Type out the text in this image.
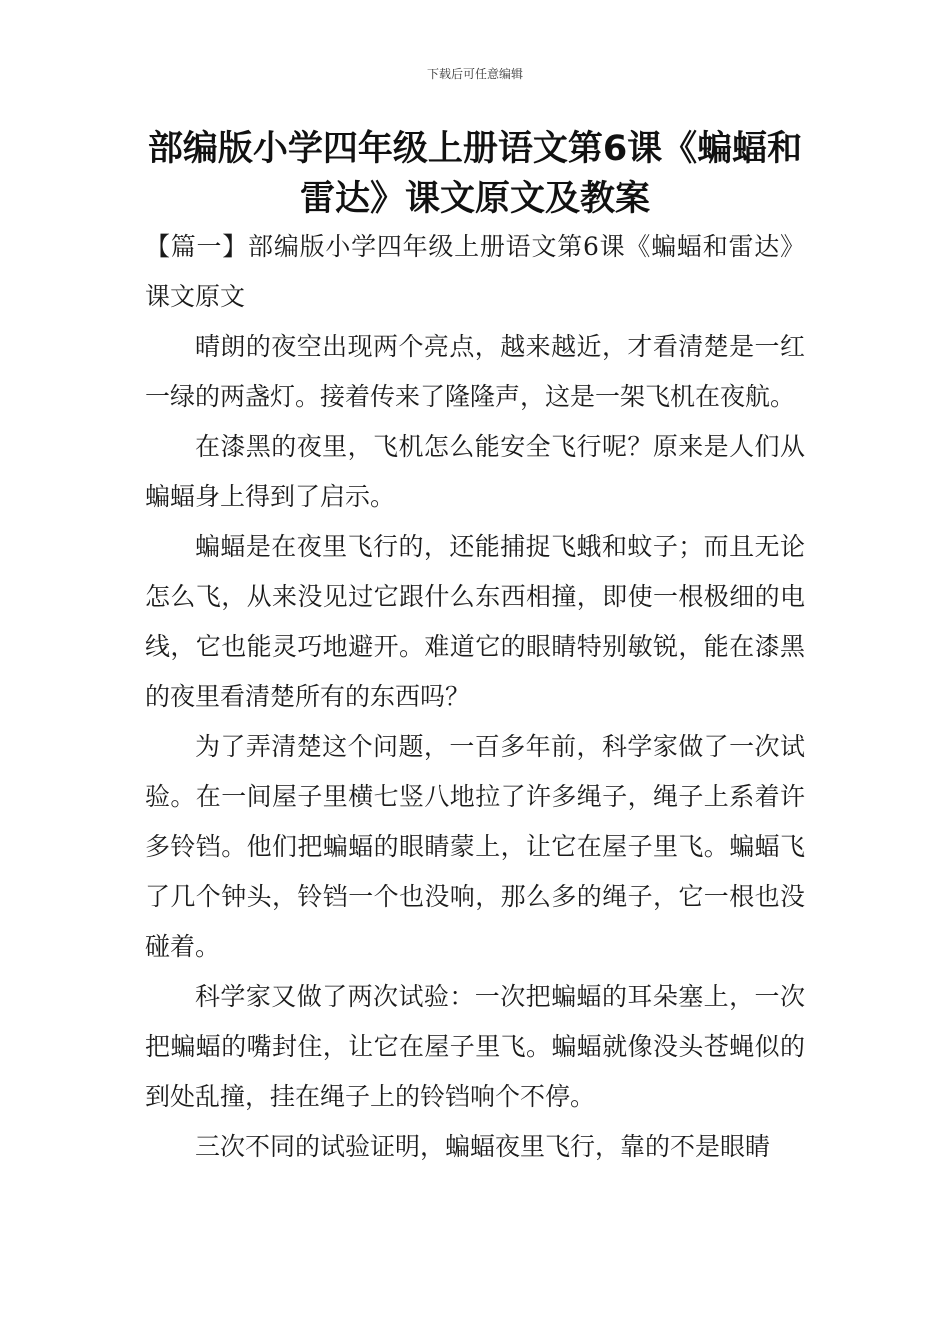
下载后可任意编辑
部编版小学四年级上册语文第6课《蝙蝠和雷达》课文原文及教案

【篇一】部编版小学四年级上册语文第6课《蝙蝠和雷达》课文原文

晴朗的夜空出现两个亮点，越来越近，才看清楚是一红一绿的两盏灯。接着传来了隆隆声，这是一架飞机在夜航。

在漆黑的夜里，飞机怎么能安全飞行呢？原来是人们从蝙蝠身上得到了启示。

蝙蝠是在夜里飞行的，还能捕捉飞蛾和蚊子；而且无论怎么飞，从来没见过它跟什么东西相撞，即使一根极细的电线，它也能灵巧地避开。难道它的眼睛特别敏锐，能在漆黑的夜里看清楚所有的东西吗？

为了弄清楚这个问题，一百多年前，科学家做了一次试验。在一间屋子里横七竖八地拉了许多绳子，绳子上系着许多铃铛。他们把蝙蝠的眼睛蒙上，让它在屋子里飞。蝙蝠飞了几个钟头，铃铛一个也没响，那么多的绳子，它一根也没碰着。

科学家又做了两次试验：一次把蝙蝠的耳朵塞上，一次把蝙蝠的嘴封住，让它在屋子里飞。蝙蝠就像没头苍蝇似的到处乱撞，挂在绳子上的铃铛响个不停。

三次不同的试验证明，蝙蝠夜里飞行，靠的不是眼睛
